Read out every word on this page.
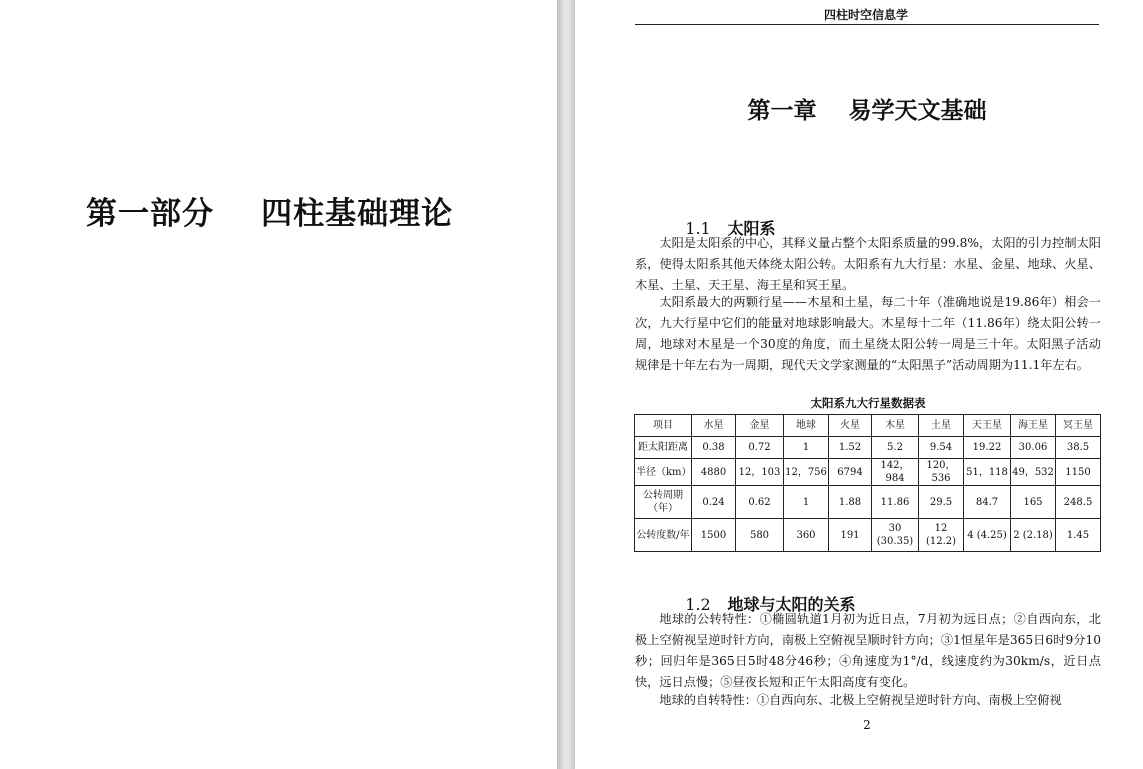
第一部分    四柱基础理论
四柱时空信息学
第一章    易学天文基础

1.1 太阳系

太阳是太阳系的中心，其释义量占整个太阳系质量的99.8%，太阳的引力控制太阳系，使得太阳系其他天体绕太阳公转。太阳系有九大行星：水星、金星、地球、火星、木星、土星、天王星、海王星和冥王星。

太阳系最大的两颗行星——木星和土星，每二十年（准确地说是19.86年）相会一次，九大行星中它们的能量对地球影响最大。木星每十二年（11.86年）绕太阳公转一周，地球对木星是一个30度的角度，而土星绕太阳公转一周是三十年。太阳黑子活动规律是十年左右为一周期，现代天文学家测量的“太阳黑子”活动周期为11.1年左右。

太阳系九大行星数据表
项目	水星	金星	地球	火星	木星	土星	天王星	海王星	冥王星
距太阳距离	0.38	0.72	1	1.52	5.2	9.54	19.22	30.06	38.5
半径（km）	4880	12，103	12，756	6794	142，984	120，536	51，118	49，532	1150
公转周期（年）	0.24	0.62	1	1.88	11.86	29.5	84.7	165	248.5
公转度数/年	1500	580	360	191	30 (30.35)	12 (12.2)	4 (4.25)	2 (2.18)	1.45

1.2 地球与太阳的关系

地球的公转特性：①椭圆轨道1月初为近日点，7月初为远日点；②自西向东，北极上空俯视呈逆时针方向，南极上空俯视呈顺时针方向；③1恒星年是365日6时9分10秒；回归年是365日5时48分46秒；④角速度为1°/d，线速度约为30km/s，近日点快，远日点慢；⑤昼夜长短和正午太阳高度有变化。

地球的自转特性：①自西向东、北极上空俯视呈逆时针方向、南极上空俯视

2
